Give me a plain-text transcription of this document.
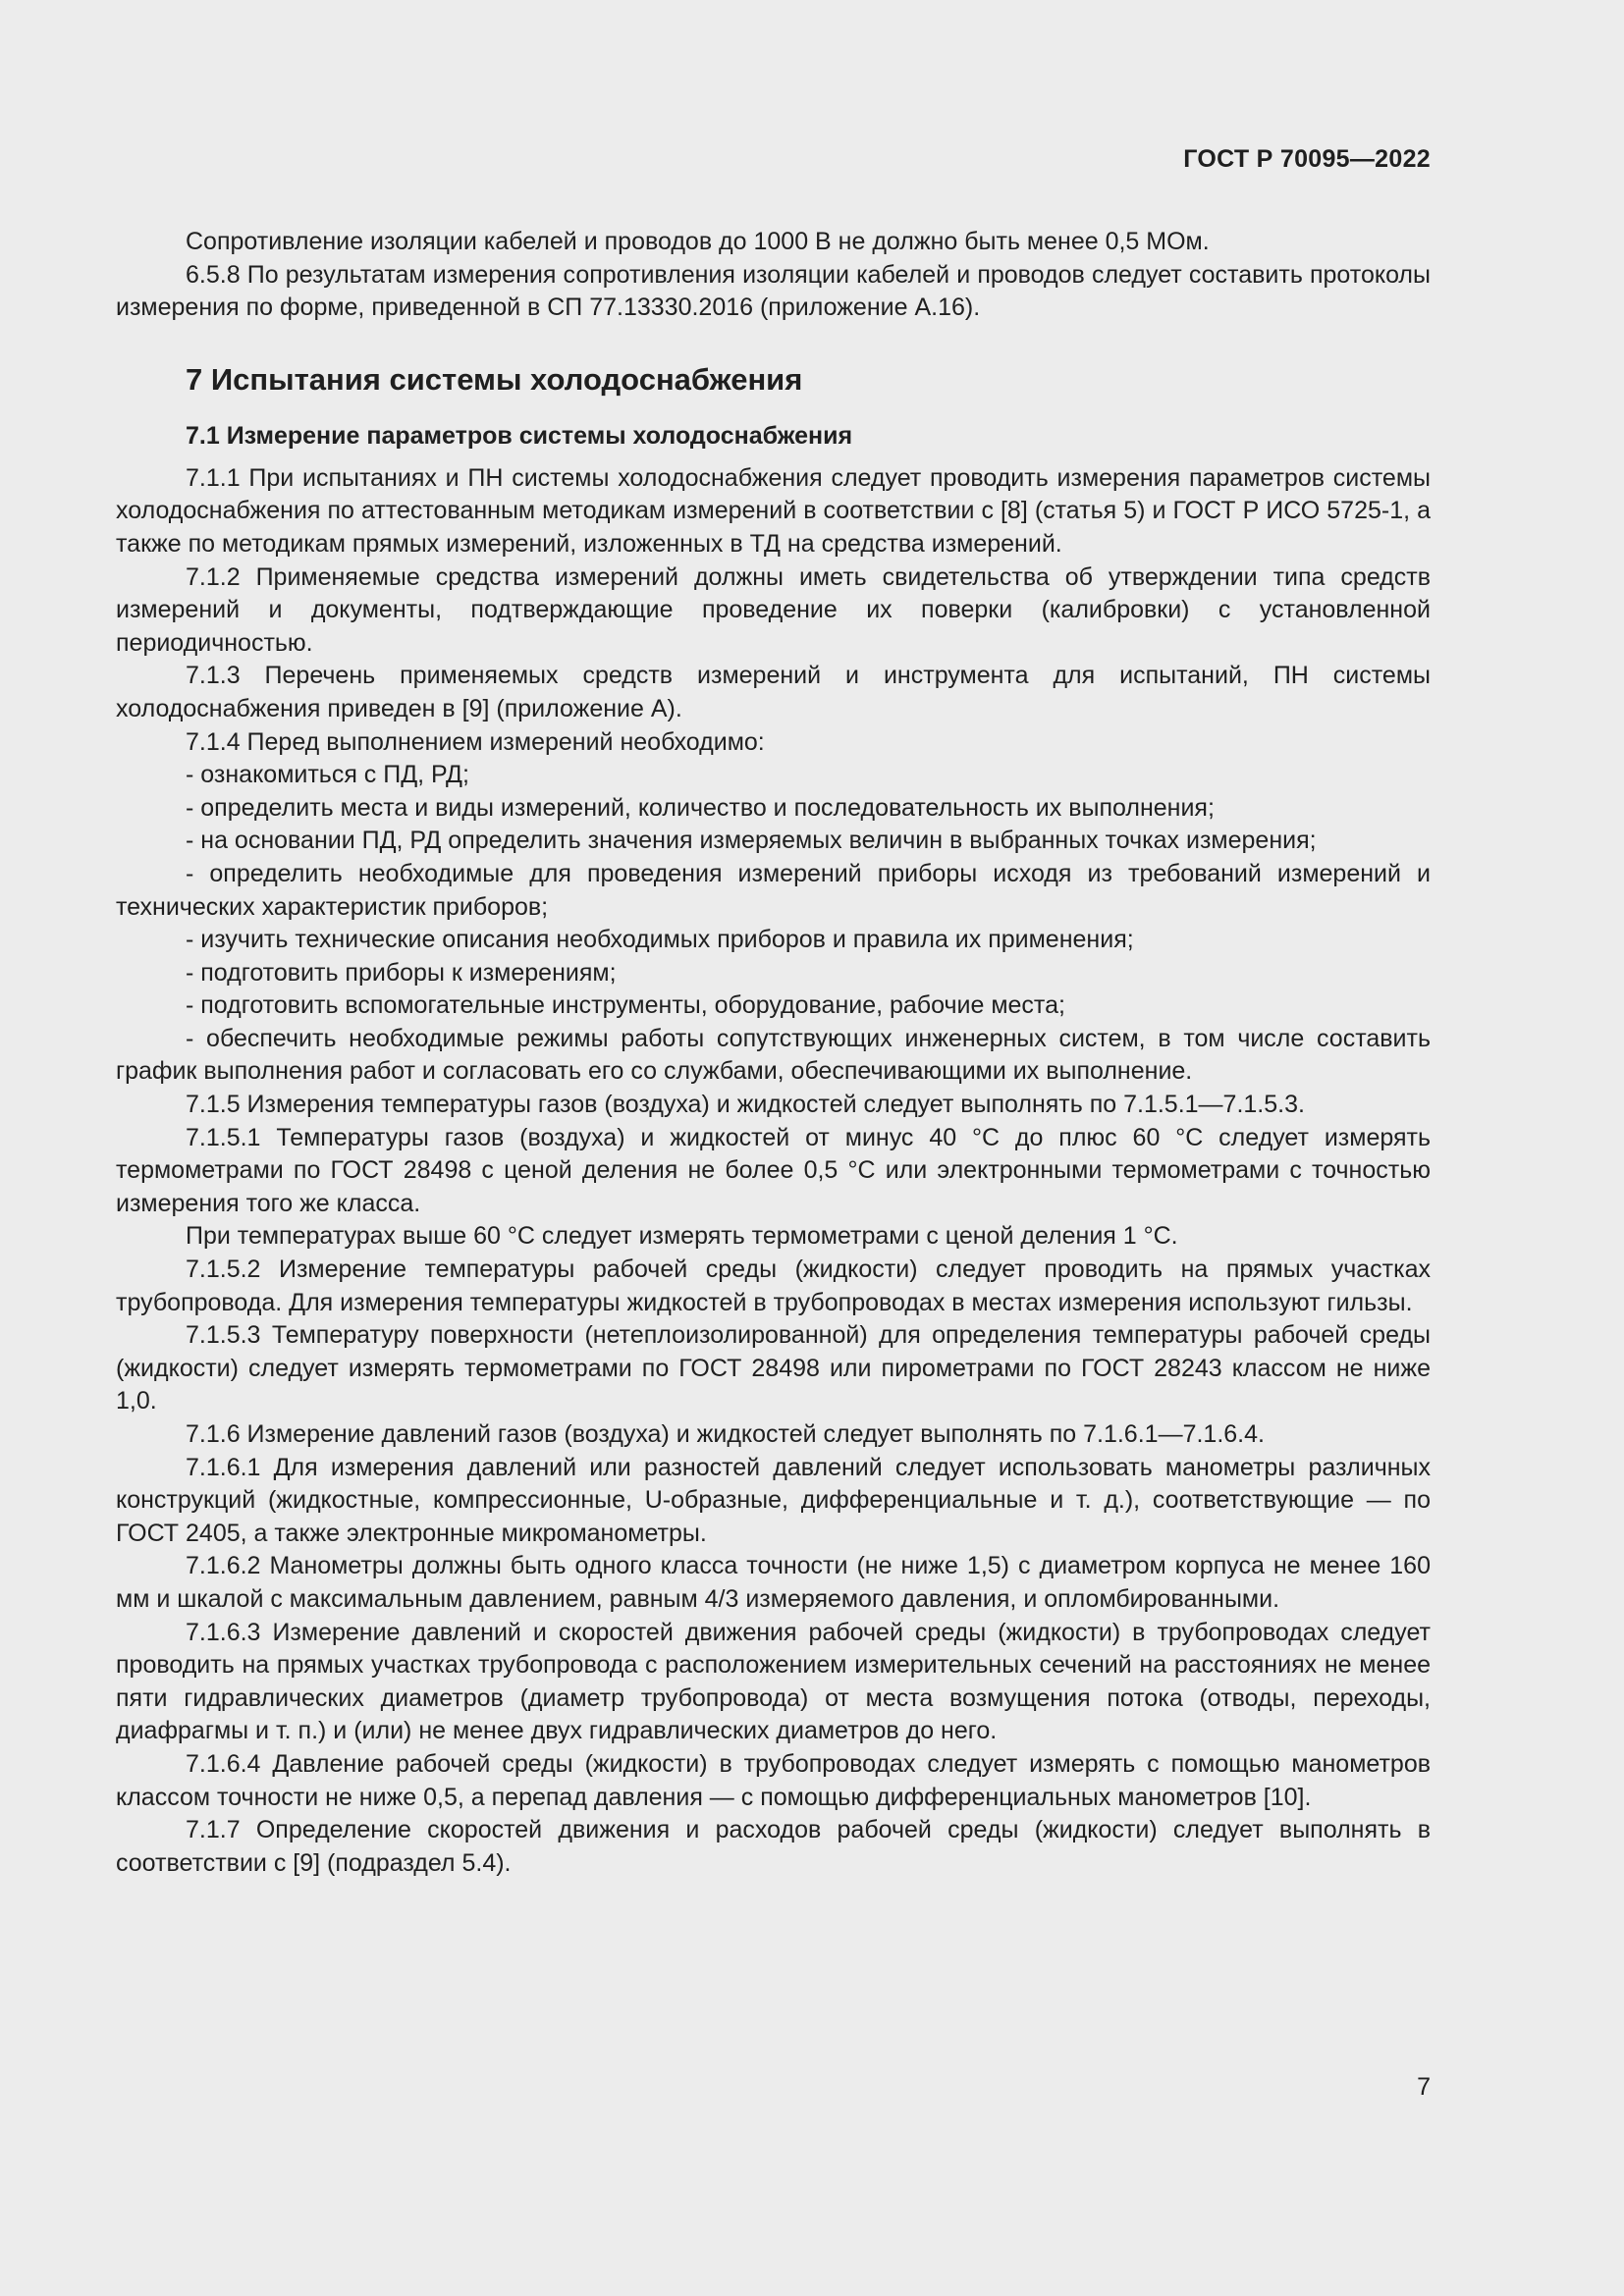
ГОСТ Р 70095—2022

Сопротивление изоляции кабелей и проводов до 1000 В не должно быть менее 0,5 МОм.

6.5.8 По результатам измерения сопротивления изоляции кабелей и проводов следует составить протоколы измерения по форме, приведенной в СП 77.13330.2016 (приложение А.16).

7 Испытания системы холодоснабжения
7.1 Измерение параметров системы холодоснабжения

7.1.1 При испытаниях и ПН системы холодоснабжения следует проводить измерения параметров системы холодоснабжения по аттестованным методикам измерений в соответствии с [8] (статья 5) и ГОСТ Р ИСО 5725-1, а также по методикам прямых измерений, изложенных в ТД на средства измерений.

7.1.2 Применяемые средства измерений должны иметь свидетельства об утверждении типа средств измерений и документы, подтверждающие проведение их поверки (калибровки) с установленной периодичностью.

7.1.3 Перечень применяемых средств измерений и инструмента для испытаний, ПН системы холодоснабжения приведен в [9] (приложение А).

7.1.4 Перед выполнением измерений необходимо:

- ознакомиться с ПД, РД;

- определить места и виды измерений, количество и последовательность их выполнения;

- на основании ПД, РД определить значения измеряемых величин в выбранных точках измерения;

- определить необходимые для проведения измерений приборы исходя из требований измерений и технических характеристик приборов;

- изучить технические описания необходимых приборов и правила их применения;

- подготовить приборы к измерениям;

- подготовить вспомогательные инструменты, оборудование, рабочие места;

- обеспечить необходимые режимы работы сопутствующих инженерных систем, в том числе составить график выполнения работ и согласовать его со службами, обеспечивающими их выполнение.

7.1.5 Измерения температуры газов (воздуха) и жидкостей следует выполнять по 7.1.5.1—7.1.5.3.

7.1.5.1 Температуры газов (воздуха) и жидкостей от минус 40 °С до плюс 60 °С следует измерять термометрами по ГОСТ 28498 с ценой деления не более 0,5 °С или электронными термометрами с точностью измерения того же класса.

При температурах выше 60 °С следует измерять термометрами с ценой деления 1 °С.

7.1.5.2 Измерение температуры рабочей среды (жидкости) следует проводить на прямых участках трубопровода. Для измерения температуры жидкостей в трубопроводах в местах измерения используют гильзы.

7.1.5.3 Температуру поверхности (нетеплоизолированной) для определения температуры рабочей среды (жидкости) следует измерять термометрами по ГОСТ 28498 или пирометрами по ГОСТ 28243 классом не ниже 1,0.

7.1.6 Измерение давлений газов (воздуха) и жидкостей следует выполнять по 7.1.6.1—7.1.6.4.

7.1.6.1 Для измерения давлений или разностей давлений следует использовать манометры различных конструкций (жидкостные, компрессионные, U-образные, дифференциальные и т. д.), соответствующие — по ГОСТ 2405, а также электронные микроманометры.

7.1.6.2 Манометры должны быть одного класса точности (не ниже 1,5) с диаметром корпуса не менее 160 мм и шкалой с максимальным давлением, равным 4/3 измеряемого давления, и опломбированными.

7.1.6.3 Измерение давлений и скоростей движения рабочей среды (жидкости) в трубопроводах следует проводить на прямых участках трубопровода с расположением измерительных сечений на расстояниях не менее пяти гидравлических диаметров (диаметр трубопровода) от места возмущения потока (отводы, переходы, диафрагмы и т. п.) и (или) не менее двух гидравлических диаметров до него.

7.1.6.4 Давление рабочей среды (жидкости) в трубопроводах следует измерять с помощью манометров классом точности не ниже 0,5, а перепад давления — с помощью дифференциальных манометров [10].

7.1.7 Определение скоростей движения и расходов рабочей среды (жидкости) следует выполнять в соответствии с [9] (подраздел 5.4).

7
